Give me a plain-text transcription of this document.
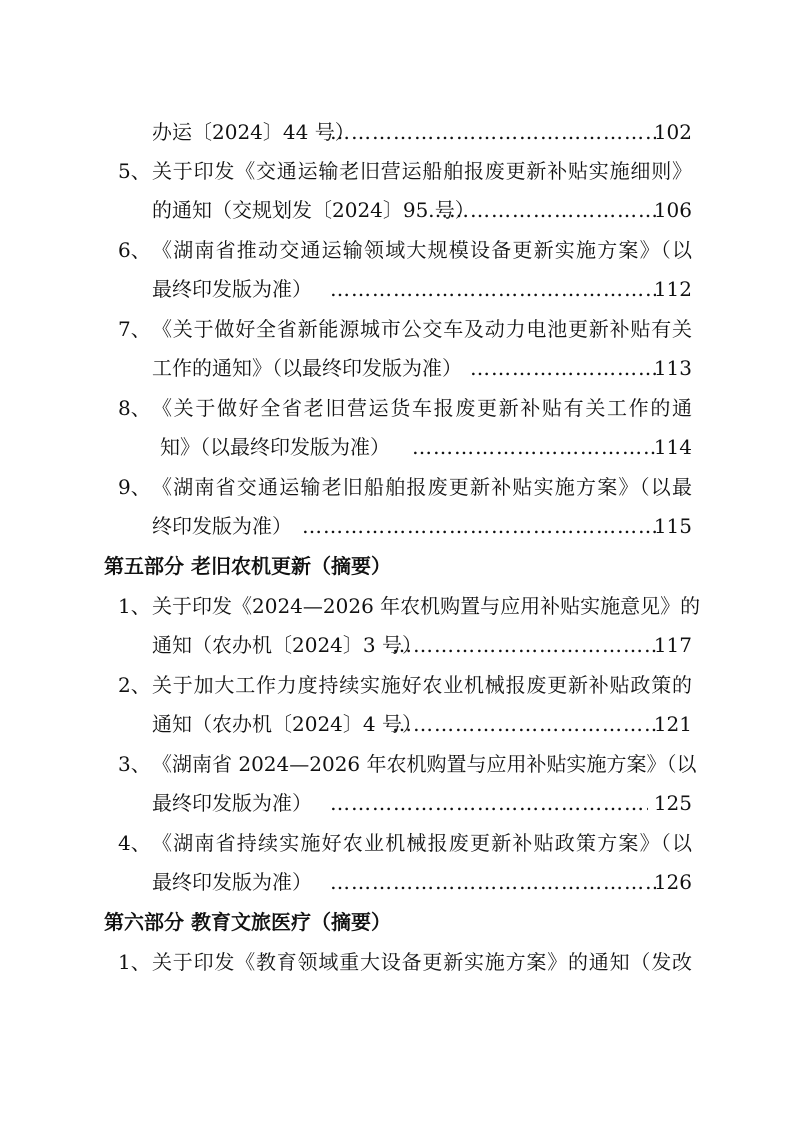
办运〔2024〕44 号） ………………………………………………………………………………………………	102
5、 关于印发《交通运输老旧营运船舶报废更新补贴实施细则》
的通知（交规划发〔2024〕95 号） ………………………………………………………………………………………………	106
6、 《湖南省推动交通运输领域大规模设备更新实施方案》（以
最终印发版为准） ………………………………………………………………………………………………	112
7、 《关于做好全省新能源城市公交车及动力电池更新补贴有关
工作的通知》（以最终印发版为准） ………………………………………………………………………………………………	113
8、 《关于做好全省老旧营运货车报废更新补贴有关工作的通
知》（以最终印发版为准） ………………………………………………………………………………………………	114
9、 《湖南省交通运输老旧船舶报废更新补贴实施方案》（以最
终印发版为准） ………………………………………………………………………………………………	115
第五部分 老旧农机更新（摘要）
1、 关于印发《2024—2026 年农机购置与应用补贴实施意见》的
通知（农办机〔2024〕3 号） ………………………………………………………………………………………………	117
2、 关于加大工作力度持续实施好农业机械报废更新补贴政策的
通知（农办机〔2024〕4 号） ………………………………………………………………………………………………	121
3、 《湖南省 2024—2026 年农机购置与应用补贴实施方案》（以
最终印发版为准） ………………………………………………………………………………………………	125
4、 《湖南省持续实施好农业机械报废更新补贴政策方案》（以
最终印发版为准） ………………………………………………………………………………………………	126
第六部分 教育文旅医疗（摘要）
1、 关于印发《教育领域重大设备更新实施方案》的通知（发改
